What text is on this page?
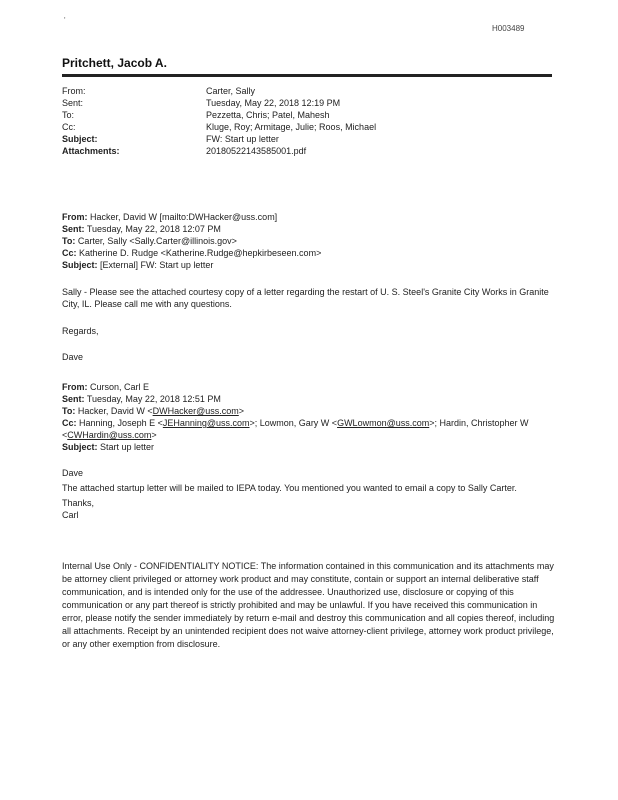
'
H003489
Pritchett, Jacob A.
From:	Carter, Sally
Sent:	Tuesday, May 22, 2018 12:19 PM
To:	Pezzetta, Chris; Patel, Mahesh
Cc:	Kluge, Roy; Armitage, Julie; Roos, Michael
Subject:	FW: Start up letter
Attachments:	20180522143585001.pdf
From: Hacker, David W [mailto:DWHacker@uss.com]
Sent: Tuesday, May 22, 2018 12:07 PM
To: Carter, Sally <Sally.Carter@illinois.gov>
Cc: Katherine D. Rudge <Katherine.Rudge@hepkirbeseen.com>
Subject: [External] FW: Start up letter
Sally - Please see the attached courtesy copy of a letter regarding the restart of U. S. Steel's Granite City Works in Granite City, IL. Please call me with any questions.
Regards,
Dave
From: Curson, Carl E
Sent: Tuesday, May 22, 2018 12:51 PM
To: Hacker, David W <DWHacker@uss.com>
Cc: Hanning, Joseph E <JEHanning@uss.com>; Lowmon, Gary W <GWLowmon@uss.com>; Hardin, Christopher W
<CWHardin@uss.com>
Subject: Start up letter
Dave
The attached startup letter will be mailed to IEPA today. You mentioned you wanted to email a copy to Sally Carter.
Thanks,
Carl
Internal Use Only - CONFIDENTIALITY NOTICE: The information contained in this communication and its attachments may be attorney client privileged or attorney work product and may constitute, contain or support an internal deliberative staff communication, and is intended only for the use of the addressee. Unauthorized use, disclosure or copying of this communication or any part thereof is strictly prohibited and may be unlawful. If you have received this communication in error, please notify the sender immediately by return e-mail and destroy this communication and all copies thereof, including all attachments. Receipt by an unintended recipient does not waive attorney-client privilege, attorney work product privilege, or any other exemption from disclosure.
